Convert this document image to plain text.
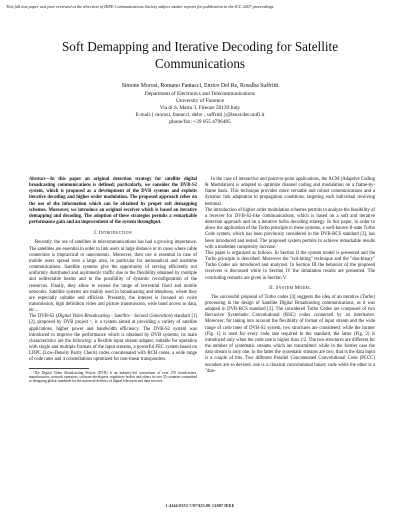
This full text paper was peer reviewed at the direction of IEEE Communications Society subject matter experts for publication in the ICC 2007 proceedings.
Soft Demapping and Iterative Decoding for Satellite Communications
Simone Morosi, Romano Fantacci, Enrico Del Re, Rosalba Suffritti
Department of Electronics and Telecommunications
University of Florence
Via di S. Marta 3, Firenze 50139 Italy
E-mail:{ morosi, fantacci, delre , suffritti }@lenst.det.unifi.it
phone/fax: +39 055 4796485
Abstract—In this paper an original detection strategy for satellite digital broadcasting communications is defined; particularly, we consider the DVB-S2 system, which is proposed as a development of the DVB systems and exploits iterative decoding and higher order modulation. The proposed approach relies on the use of the information which can be obtained by proper soft demapping schemes. Moreover, we introduce an original receiver which is based on iterative demapping and decoding. The adoption of these strategies permits a remarkable performance gain and an improvement of the system throughput.
I. Introduction

Recently, the use of satellites in telecommunications has had a growing importance. The satellites are essential in order to link users at large distance or in cases where cable connection is impractical or uneconomic. Moreover, their use is essential in case of mobile users spread over a large area, in particular for aeronautical and maritime communications. Satellite systems give the opportunity of serving efficiently not uniformly distributed and asymmetric traffic due to the flexibility obtained by multiple and redirectable beams and to the possibility of dynamic reconfiguration of the resources. Finally, they allow to extend the range of terrestrial fixed and mobile networks. Satellite systems are mainly used in broadcasting and telephony, where they are especially suitable and efficient. Presently, the interest is focused on voice transmission, high definition video and picture transmission, wide band access to data, etc...

The DVB-S2 (Digital Video Broadcasting - Satellite - Second Generation) standard [1] [2], proposed by DVB project ¹, is a system aimed at providing a variety of satellite applications, higher power and bandwidth efficiency. The DVB-S2 system was introduced to improve the performance which is obtained by DVB systems; its main characteristics are the following: a flexible input stream adapter, suitable for operation with single and multiple formats of the input streams, a powerful FEC system based on LDPC (Low-Density Parity Check) codes concatenated with BCH codes, a wide range of code rates and 4 constellations optimized for non-linear transponders.

¹The Digital Video Broadcasting Project (DVB) is an industry-led consortium of over 270 broadcasters, manufacturers, network operators, software developers, regulatory bodies and others in over 35 countries committed to designing global standards for the universal delivery of digital television and data services.

In the case of interactive and point-to-point applications, the ACM (Adaptive Coding & Modulation) is adopted to optimize channel coding and modulation on a frame-by-frame basis. This technique provides more versatile and robust communications and a dynamic link adaptation to propagation conditions, targeting each individual receiving terminal.

The introduction of higher order modulation schemes permits to analyze the feasibility of a receiver for DVB-S2-like communications, which is based on a soft and iterative detection approach and on a iterative turbo decoding strategy. In this paper, in order to allow the application of the Turbo principle to these systems, a well-known 8-state Turbo Code system, which has been previously considered in the DVB-RCS standard [3], has been introduced and tested. The proposed system permits to achieve remarkable results with a moderate complexity increase.

This paper is organized as follows. In Section II the system model is presented and the Turbo principle is described. Moreover the "tail-biting" technique and the "duo-binary" Turbo Codes are introduced and analyzed. In Section III the behavior of the proposed receivers is discussed while in Section IV the simulation results are presented. The concluding remarks are given in Section V.

II. System Model

The successful proposal of Turbo codes [4] suggests the idea of an iterative (Turbo) processing in the design of Satellite Digital Broadcasting communications, as it was adopted in DVB-RCS standard [3]. The considered Turbo Codes are composed of two Recursive Systematic Convolutional (RSC) codes connected by an interleaver. Moreover, for taking into account the flexibility of format of input stream and the wide range of code rates of DVB-S2 system, two structures are considered: while the former (Fig. 1) is used for every code rate required in the standard, the latter (Fig. 2) is introduced only when the code rate is higher than 1/2. The two structures are different for the number of systematic streams which are transmitted: while in the former case the data stream is only one, in the latter the systematic streams are two, that is the data input is a couple of bits. Two different Parallel Concatenated Convolutional Code (PCCC) encoders are so devised, one is a classical convolutional binary code while the other is a "duo-

1-4244-0353-7/07/$25.00 ©2007 IEEE
